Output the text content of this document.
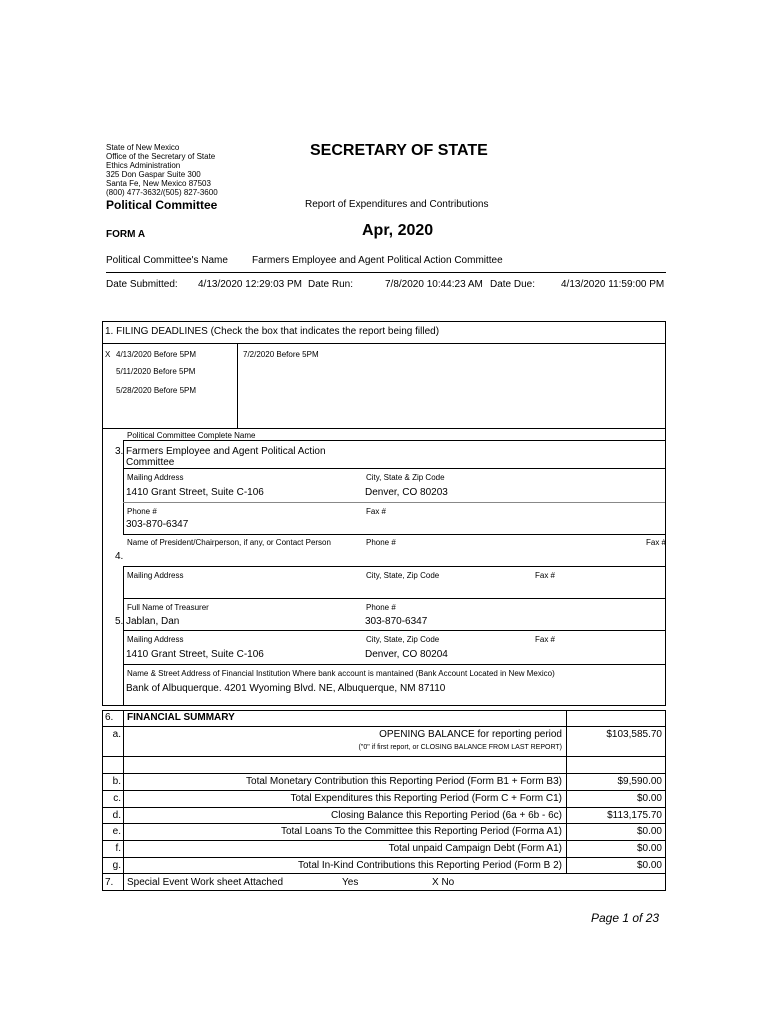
State of New Mexico
Office of the Secretary of State
Ethics Administration
325 Don Gaspar Suite 300
Santa Fe, New Mexico 87503
(800) 477-3632/(505) 827-3600
SECRETARY OF STATE
Political Committee	Report of Expenditures and Contributions
FORM A	Apr, 2020
Political Committee's Name Farmers Employee and Agent Political Action Committee
Date Submitted: 4/13/2020 12:29:03 PM Date Run:	7/8/2020 10:44:23 AM Date Due:	4/13/2020 11:59:00 PM
1. FILING DEADLINES (Check the box that indicates the report being filled)
X 4/13/2020 Before 5PM
5/11/2020 Before 5PM
5/28/2020 Before 5PM
7/2/2020 Before 5PM
Political Committee Complete Name
3. Farmers Employee and Agent Political Action
Committee
Mailing Address	City, State & Zip Code
1410 Grant Street, Suite C-106	Denver, CO 80203
Phone #	Fax #
303-870-6347
Name of President/Chairperson, if any, or Contact Person	Phone #	Fax #
4.
Mailing Address	City, State, Zip Code	Fax #
Full Name of Treasurer	Phone #
5. Jablan, Dan	303-870-6347
Mailing Address	City, State, Zip Code	Fax #
1410 Grant Street, Suite C-106	Denver, CO 80204
Name & Street Address of Financial Institution Where bank account is mantained (Bank Account Located in New Mexico)
Bank of Albuquerque. 4201 Wyoming Blvd. NE, Albuquerque, NM 87110
6. FINANCIAL SUMMARY
a.	OPENING BALANCE for reporting period	$103,585.70
("0" if first report, or CLOSING BALANCE FROM LAST REPORT)
b.	Total Monetary Contribution this Reporting Period (Form B1 + Form B3)	$9,590.00
c.	Total Expenditures this Reporting Period (Form C + Form C1)	$0.00
d.	Closing Balance this Reporting Period (6a + 6b - 6c)	$113,175.70
e.	Total Loans To the Committee this Reporting Period (Forma A1)	$0.00
f.	Total unpaid Campaign Debt (Form A1)	$0.00
g.	Total In-Kind Contributions this Reporting Period (Form B 2)	$0.00
7. Special Event Work sheet Attached	Yes	X No
Page 1 of 23
